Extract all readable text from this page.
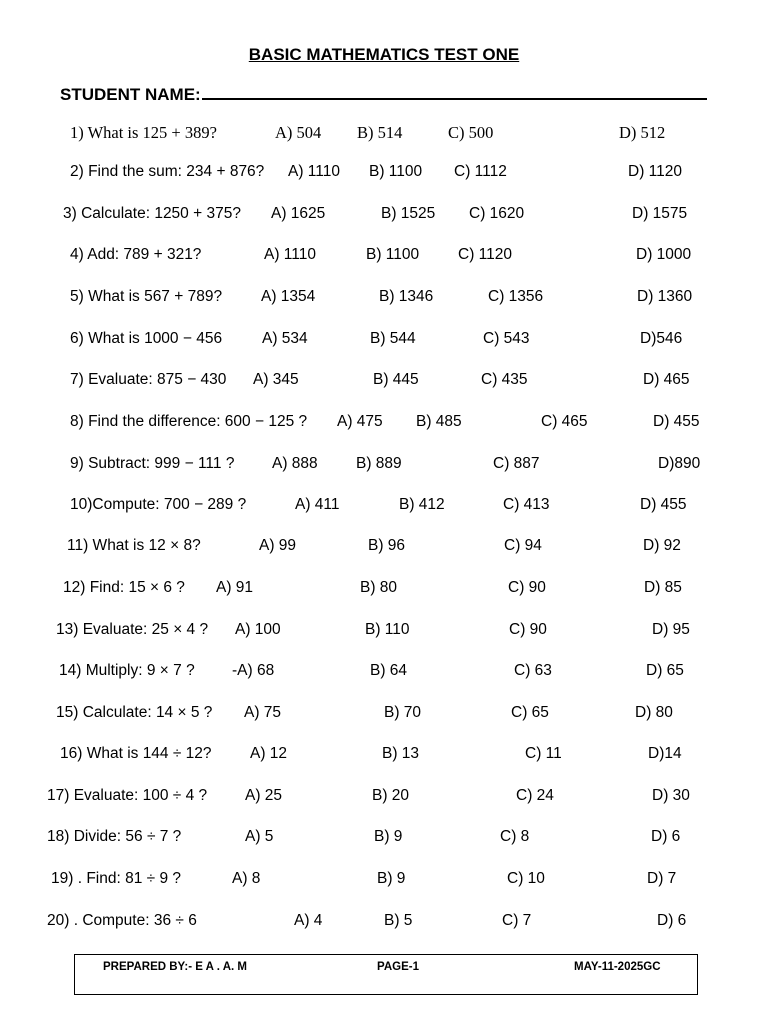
BASIC MATHEMATICS TEST ONE
STUDENT NAME:
1) What is 125 + 389?	A) 504 B) 514	C) 500	D) 512
2) Find the sum: 234 + 876? A) 1110 B) 1100 C) 1112	D) 1120
3) Calculate: 1250 + 375? A) 1625	B) 1525 C) 1620	D) 1575
4) Add: 789 + 321?	A) 1110	B) 1100	C) 1120	D) 1000
5) What is 567 + 789?	A) 1354	B) 1346	C) 1356	D) 1360
6) What is 1000 − 456	A) 534	B) 544	C) 543	D)546
7) Evaluate: 875 − 430 A) 345	B) 445	C) 435	D) 465
8) Find the difference: 600 − 125 ? A) 475 B) 485	C) 465	D) 455
9) Subtract: 999 − 111 ? A) 888 B) 889	C) 887	D)890
10)Compute: 700 − 289 ?	A) 411	B) 412	C) 413	D) 455
11) What is 12 × 8?	A) 99	B) 96	C) 94	D) 92
12) Find: 15 × 6 ? A) 91	B) 80	C) 90	D) 85
13) Evaluate: 25 × 4 ? A) 100	B) 110	C) 90	D) 95
14) Multiply: 9 × 7 ? -A) 68	B) 64	C) 63	D) 65
15) Calculate: 14 × 5 ? A) 75	B) 70	C) 65	D) 80
16) What is 144 ÷ 12? A) 12	B) 13	C) 11	D)14
17) Evaluate: 100 ÷ 4 ? A) 25	B) 20	C) 24	D) 30
18) Divide: 56 ÷ 7 ?	A) 5	B) 9	C) 8	D) 6
19) . Find: 81 ÷ 9 ?	A) 8	B) 9	C) 10	D) 7
20) . Compute: 36 ÷ 6	A) 4	B) 5	C) 7	D) 6
PREPARED BY:- E A . A. M	PAGE-1	MAY-11-2025GC
